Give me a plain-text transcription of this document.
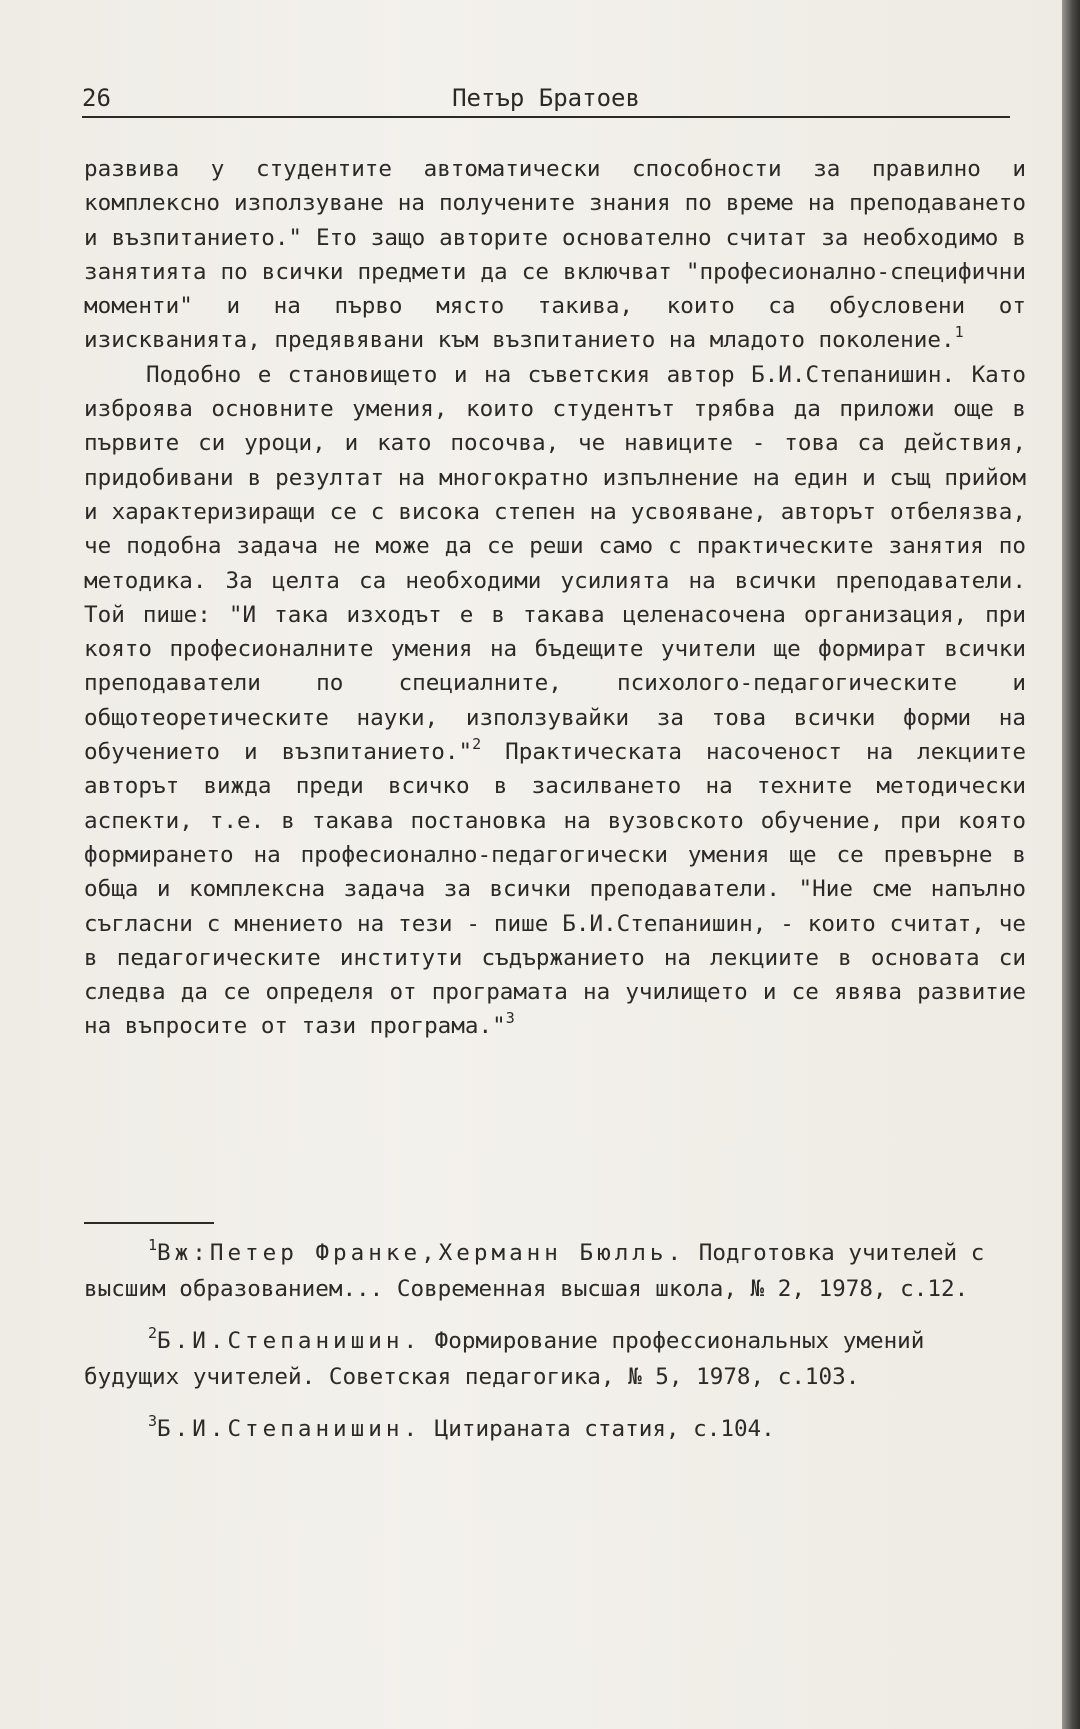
26	Петър Братоев

развива у студентите автоматически способности за правилно и комплексно използуване на получените знания по време на преподаването и възпитанието." Ето защо авторите основателно считат за необходимо в занятията по всички предмети да се включват "професионално-специфични моменти" и на първо място такива, които са обусловени от изискванията, предявявани към възпитанието на младото поколение.$^1$

Подобно е становището и на съветския автор Б.И.Степанишин. Като изброява основните умения, които студентът трябва да приложи още в първите си уроци, и като посочва, че навиците - това са действия, придобивани в резултат на многократно изпълнение на един и същ прийом и характеризиращи се с висока степен на усвояване, авторът отбелязва, че подобна задача не може да се реши само с практическите занятия по методика. За целта са необходими усилията на всички преподаватели. Той пише: "И така изходът е в такава целенасочена организация, при която професионалните умения на бъдещите учители ще формират всички преподаватели по специалните, психолого-педагогическите и общотеоретическите науки, използувайки за това всички форми на обучението и възпитанието."$^2$ Практическата насоченост на лекциите авторът вижда преди всичко в засилването на техните методически аспекти, т.е. в такава постановка на вузовското обучение, при която формирането на професионално-педагогически умения ще се превърне в обща и комплексна задача за всички преподаватели. "Ние сме напълно съгласни с мнението на тези - пише Б.И.Степанишин, - които считат, че в педагогическите институти съдържанието на лекциите в основата си следва да се определя от програмата на училището и се явява развитие на въпросите от тази програма."$^3$

$^1$Вж:Петер Франке,Херманн Бюлль. Подготовка учителей с высшим образованием... Современная высшая школа, № 2, 1978, с.12.

$^2$Б.И.Степанишин. Формирование профессиональных умений будущих учителей. Советская педагогика, № 5, 1978, с.103.

$^3$Б.И.Степанишин. Цитираната статия, с.104.
